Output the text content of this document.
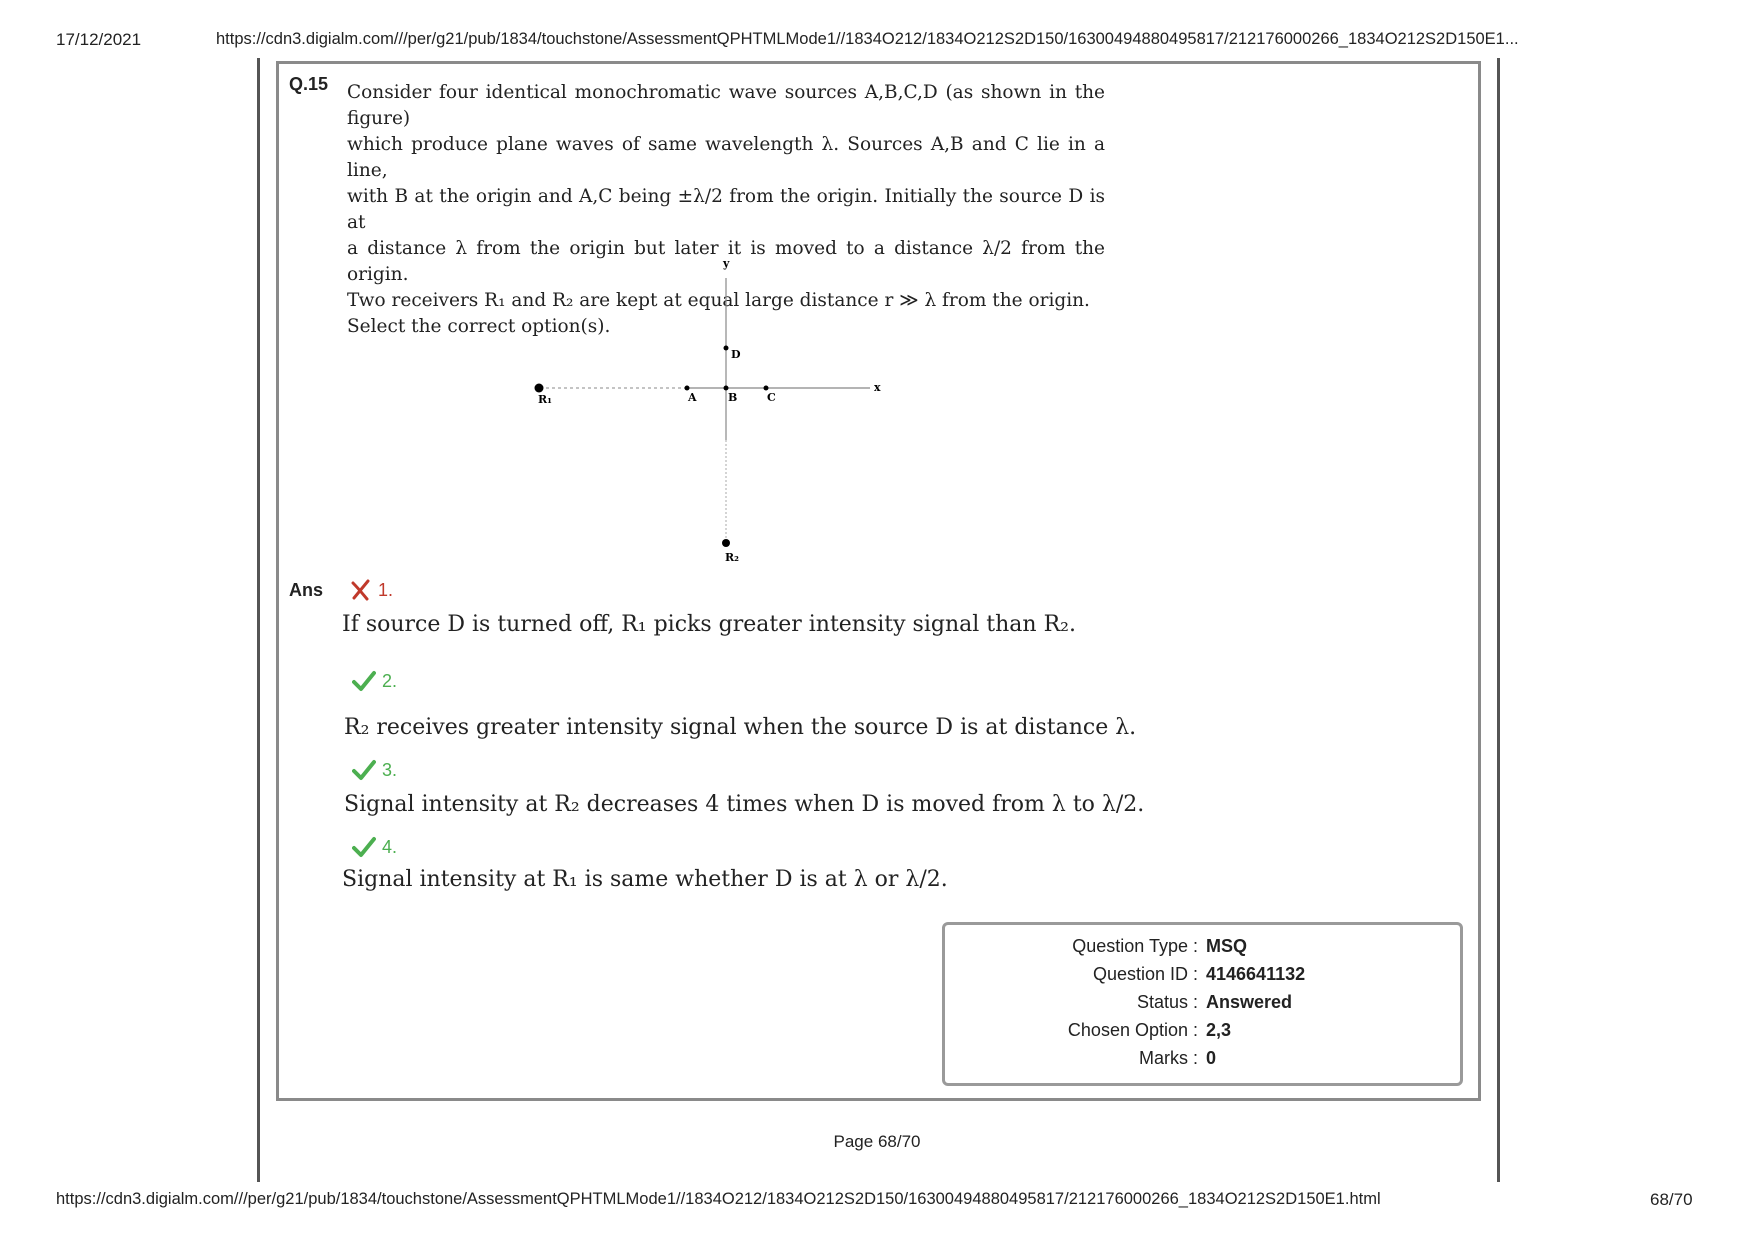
17/12/2021	https://cdn3.digialm.com///per/g21/pub/1834/touchstone/AssessmentQPHTMLMode1//1834O212/1834O212S2D150/16300494880495817/212176000266_1834O212S2D150E1...
Q.15 Consider four identical monochromatic wave sources A,B,C,D (as shown in the figure)

which produce plane waves of same wavelength λ. Sources A,B and C lie in a line,

with B at the origin and A,C being ±λ/2 from the origin. Initially the source D is at

a distance λ from the origin but later it is moved to a distance λ/2 from the origin.

Two receivers R₁ and R₂ are kept at equal large distance r ≫ λ from the origin.

Select the correct option(s).

y
x
D
A	B	C
R₁
R₂
Ans	1.
If source D is turned off, R₁ picks greater intensity signal than R₂.
2.
R₂ receives greater intensity signal when the source D is at distance λ.
3.
Signal intensity at R₂ decreases 4 times when D is moved from λ to λ/2.
4.
Signal intensity at R₁ is same whether D is at λ or λ/2.
Question Type : MSQ
Question ID : 4146641132
Status : Answered
Chosen Option : 2,3
Marks : 0
Page 68/70
https://cdn3.digialm.com///per/g21/pub/1834/touchstone/AssessmentQPHTMLMode1//1834O212/1834O212S2D150/16300494880495817/212176000266_1834O212S2D150E1.html	68/70
